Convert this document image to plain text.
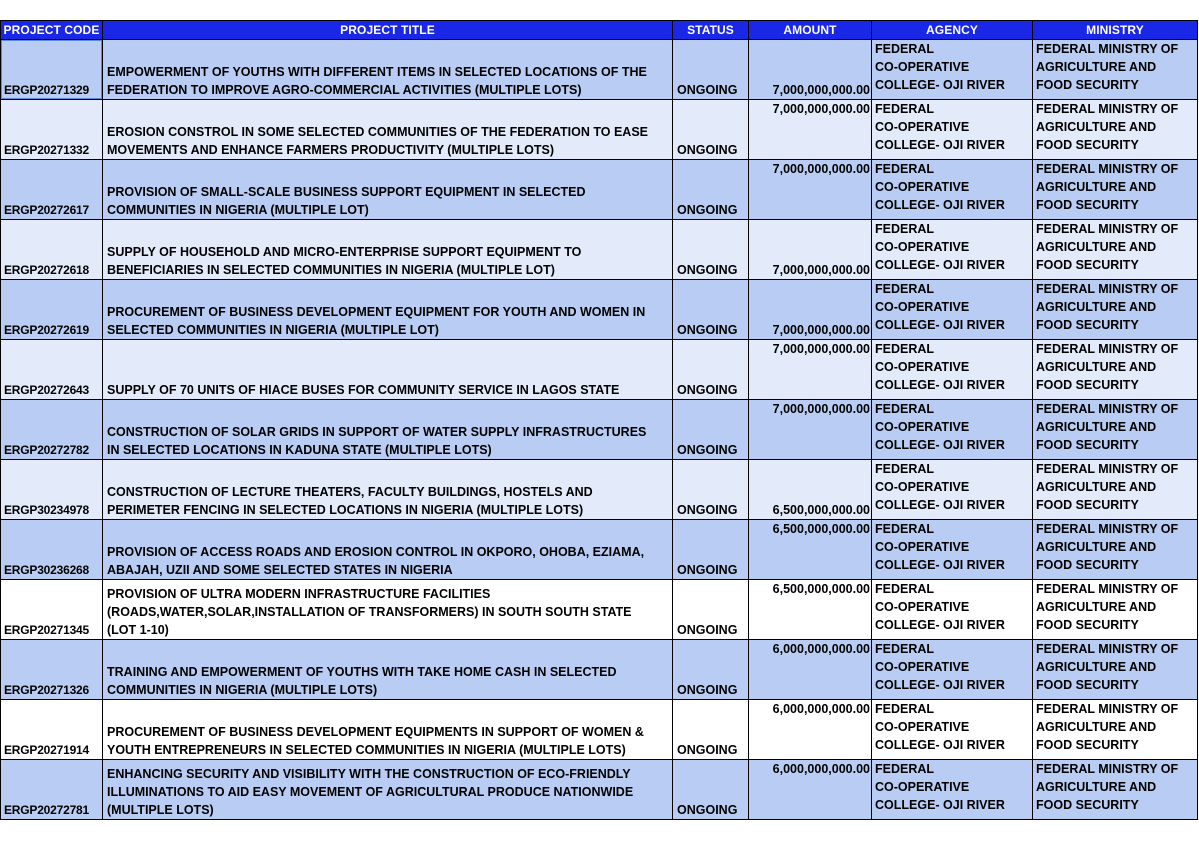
PROJECT CODE	PROJECT TITLE	STATUS	AMOUNT	AGENCY	MINISTRY
ERGP20271329	EMPOWERMENT OF YOUTHS WITH DIFFERENT ITEMS IN SELECTED LOCATIONS OF THE
FEDERATION TO IMPROVE AGRO-COMMERCIAL ACTIVITIES (MULTIPLE LOTS)	ONGOING	7,000,000,000.00	FEDERAL
CO-OPERATIVE
COLLEGE- OJI RIVER	FEDERAL MINISTRY OF
AGRICULTURE AND
FOOD SECURITY

ERGP20271332	EROSION CONSTROL IN SOME SELECTED COMMUNITIES OF THE FEDERATION TO EASE
MOVEMENTS AND ENHANCE FARMERS PRODUCTIVITY (MULTIPLE LOTS)	ONGOING	7,000,000,000.00	FEDERAL
CO-OPERATIVE
COLLEGE- OJI RIVER	FEDERAL MINISTRY OF
AGRICULTURE AND
FOOD SECURITY

ERGP20272617	PROVISION OF SMALL-SCALE BUSINESS SUPPORT EQUIPMENT IN SELECTED
COMMUNITIES IN NIGERIA (MULTIPLE LOT)	ONGOING	7,000,000,000.00	FEDERAL
CO-OPERATIVE
COLLEGE- OJI RIVER	FEDERAL MINISTRY OF
AGRICULTURE AND
FOOD SECURITY

ERGP20272618	SUPPLY OF HOUSEHOLD AND MICRO-ENTERPRISE SUPPORT EQUIPMENT TO
BENEFICIARIES IN SELECTED COMMUNITIES IN NIGERIA (MULTIPLE LOT)	ONGOING	7,000,000,000.00	FEDERAL
CO-OPERATIVE
COLLEGE- OJI RIVER	FEDERAL MINISTRY OF
AGRICULTURE AND
FOOD SECURITY

ERGP20272619	PROCUREMENT OF BUSINESS DEVELOPMENT EQUIPMENT FOR YOUTH AND WOMEN IN
SELECTED COMMUNITIES IN NIGERIA (MULTIPLE LOT)	ONGOING	7,000,000,000.00	FEDERAL
CO-OPERATIVE
COLLEGE- OJI RIVER	FEDERAL MINISTRY OF
AGRICULTURE AND
FOOD SECURITY

ERGP20272643	SUPPLY OF 70 UNITS OF HIACE BUSES FOR COMMUNITY SERVICE IN LAGOS STATE	ONGOING	7,000,000,000.00	FEDERAL
CO-OPERATIVE
COLLEGE- OJI RIVER	FEDERAL MINISTRY OF
AGRICULTURE AND
FOOD SECURITY

ERGP20272782	CONSTRUCTION OF SOLAR GRIDS IN SUPPORT OF WATER SUPPLY INFRASTRUCTURES
IN SELECTED LOCATIONS IN KADUNA STATE (MULTIPLE LOTS)	ONGOING	7,000,000,000.00	FEDERAL
CO-OPERATIVE
COLLEGE- OJI RIVER	FEDERAL MINISTRY OF
AGRICULTURE AND
FOOD SECURITY

ERGP30234978	CONSTRUCTION OF LECTURE THEATERS, FACULTY BUILDINGS, HOSTELS AND
PERIMETER FENCING IN SELECTED LOCATIONS IN NIGERIA (MULTIPLE LOTS)	ONGOING	6,500,000,000.00	FEDERAL
CO-OPERATIVE
COLLEGE- OJI RIVER	FEDERAL MINISTRY OF
AGRICULTURE AND
FOOD SECURITY

ERGP30236268	PROVISION OF ACCESS ROADS AND EROSION CONTROL IN OKPORO, OHOBA, EZIAMA,
ABAJAH, UZII AND SOME SELECTED STATES IN NIGERIA	ONGOING	6,500,000,000.00	FEDERAL
CO-OPERATIVE
COLLEGE- OJI RIVER	FEDERAL MINISTRY OF
AGRICULTURE AND
FOOD SECURITY

ERGP20271345	PROVISION OF ULTRA MODERN INFRASTRUCTURE FACILITIES
(ROADS,WATER,SOLAR,INSTALLATION OF TRANSFORMERS) IN SOUTH SOUTH STATE
(LOT 1-10)	ONGOING	6,500,000,000.00	FEDERAL
CO-OPERATIVE
COLLEGE- OJI RIVER	FEDERAL MINISTRY OF
AGRICULTURE AND
FOOD SECURITY

ERGP20271326	TRAINING AND EMPOWERMENT OF YOUTHS WITH TAKE HOME CASH IN SELECTED
COMMUNITIES IN NIGERIA (MULTIPLE LOTS)	ONGOING	6,000,000,000.00	FEDERAL
CO-OPERATIVE
COLLEGE- OJI RIVER	FEDERAL MINISTRY OF
AGRICULTURE AND
FOOD SECURITY

ERGP20271914	PROCUREMENT OF BUSINESS DEVELOPMENT EQUIPMENTS IN SUPPORT OF WOMEN &
YOUTH ENTREPRENEURS IN SELECTED COMMUNITIES IN NIGERIA (MULTIPLE LOTS)	ONGOING	6,000,000,000.00	FEDERAL
CO-OPERATIVE
COLLEGE- OJI RIVER	FEDERAL MINISTRY OF
AGRICULTURE AND
FOOD SECURITY

ERGP20272781	ENHANCING SECURITY AND VISIBILITY WITH THE CONSTRUCTION OF ECO-FRIENDLY
ILLUMINATIONS TO AID EASY MOVEMENT OF AGRICULTURAL PRODUCE NATIONWIDE
(MULTIPLE LOTS)	ONGOING	6,000,000,000.00	FEDERAL
CO-OPERATIVE
COLLEGE- OJI RIVER	FEDERAL MINISTRY OF
AGRICULTURE AND
FOOD SECURITY
